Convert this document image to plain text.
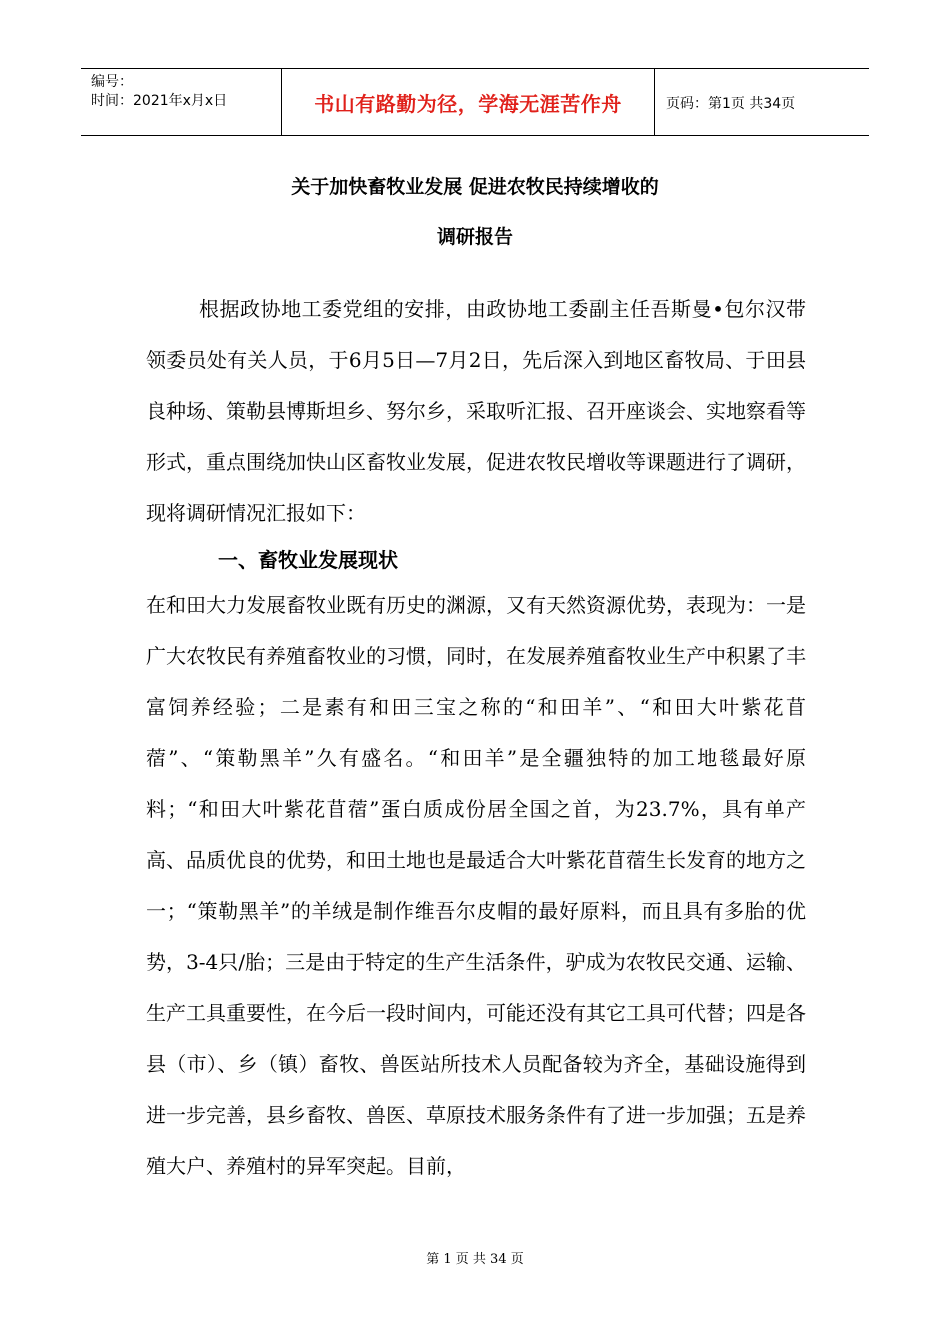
编号：
时间：2021年x月x日	书山有路勤为径，学海无涯苦作舟	页码：第1页 共34页
关于加快畜牧业发展 促进农牧民持续增收的
调研报告

根据政协地工委党组的安排，由政协地工委副主任吾斯曼•包尔汉带领委员处有关人员，于6月5日—7月2日，先后深入到地区畜牧局、于田县良种场、策勒县博斯坦乡、努尔乡，采取听汇报、召开座谈会、实地察看等形式，重点围绕加快山区畜牧业发展，促进农牧民增收等课题进行了调研，现将调研情况汇报如下：

一、畜牧业发展现状

在和田大力发展畜牧业既有历史的渊源，又有天然资源优势，表现为：一是广大农牧民有养殖畜牧业的习惯，同时，在发展养殖畜牧业生产中积累了丰富饲养经验；二是素有和田三宝之称的“和田羊”、“和田大叶紫花苜蓿”、“策勒黑羊”久有盛名。“和田羊”是全疆独特的加工地毯最好原料；“和田大叶紫花苜蓿”蛋白质成份居全国之首，为23.7%，具有单产高、品质优良的优势，和田土地也是最适合大叶紫花苜蓿生长发育的地方之一；“策勒黑羊”的羊绒是制作维吾尔皮帽的最好原料，而且具有多胎的优势，3-4只/胎；三是由于特定的生产生活条件，驴成为农牧民交通、运输、生产工具重要性，在今后一段时间内，可能还没有其它工具可代替；四是各县（市）、乡（镇）畜牧、兽医站所技术人员配备较为齐全，基础设施得到进一步完善，县乡畜牧、兽医、草原技术服务条件有了进一步加强；五是养殖大户、养殖村的异军突起。目前，

第 1 页 共 34 页
